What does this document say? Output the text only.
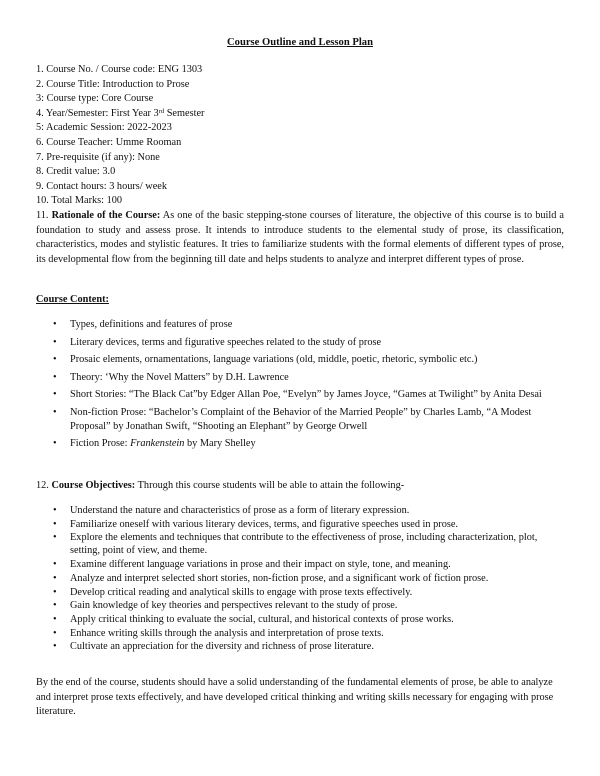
Course Outline and Lesson Plan
1. Course No. / Course code: ENG 1303
2. Course Title: Introduction to Prose
3: Course type: Core Course
4. Year/Semester: First Year 3rd Semester
5: Academic Session: 2022-2023
6. Course Teacher: Umme Rooman
7. Pre-requisite (if any): None
8. Credit value: 3.0
9. Contact hours: 3 hours/ week
10. Total Marks: 100
11. Rationale of the Course: As one of the basic stepping-stone courses of literature, the objective of this course is to build a foundation to study and assess prose. It intends to introduce students to the elemental study of prose, its classification, characteristics, modes and stylistic features. It tries to familiarize students with the formal elements of different types of prose, its developmental flow from the beginning till date and helps students to analyze and interpret different types of prose.
Course Content:
• Types, definitions and features of prose
• Literary devices, terms and figurative speeches related to the study of prose
• Prosaic elements, ornamentations, language variations (old, middle, poetic, rhetoric, symbolic etc.)
• Theory: ‘Why the Novel Matters” by D.H. Lawrence
• Short Stories: “The Black Cat”by Edger Allan Poe, “Evelyn” by James Joyce, “Games at Twilight” by Anita Desai
• Non-fiction Prose: “Bachelor’s Complaint of the Behavior of the Married People” by Charles Lamb, “A Modest Proposal” by Jonathan Swift, “Shooting an Elephant” by George Orwell
• Fiction Prose: Frankenstein by Mary Shelley
12. Course Objectives: Through this course students will be able to attain the following-
• Understand the nature and characteristics of prose as a form of literary expression.
• Familiarize oneself with various literary devices, terms, and figurative speeches used in prose.
• Explore the elements and techniques that contribute to the effectiveness of prose, including characterization, plot, setting, point of view, and theme.
• Examine different language variations in prose and their impact on style, tone, and meaning.
• Analyze and interpret selected short stories, non-fiction prose, and a significant work of fiction prose.
• Develop critical reading and analytical skills to engage with prose texts effectively.
• Gain knowledge of key theories and perspectives relevant to the study of prose.
• Apply critical thinking to evaluate the social, cultural, and historical contexts of prose works.
• Enhance writing skills through the analysis and interpretation of prose texts.
• Cultivate an appreciation for the diversity and richness of prose literature.
By the end of the course, students should have a solid understanding of the fundamental elements of prose, be able to analyze and interpret prose texts effectively, and have developed critical thinking and writing skills necessary for engaging with prose literature.
